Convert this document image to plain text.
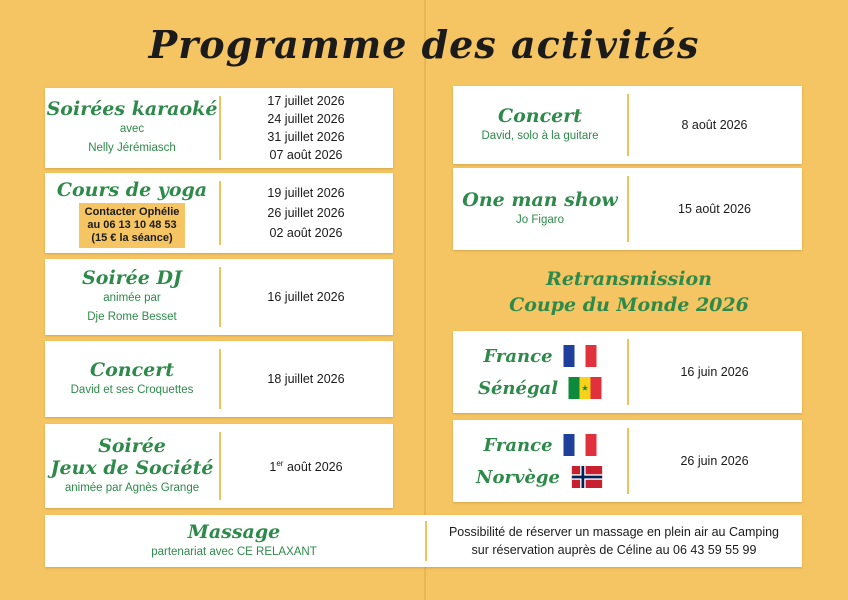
Programme des activités
Soirées karaoké
avec
Nelly Jérémiasch
17 juillet 2026
24 juillet 2026
31 juillet 2026
07 août 2026
Cours de yoga
Contacter Ophélie
au 06 13 10 48 53
(15 € la séance)
19 juillet 2026
26 juillet 2026
02 août 2026
Soirée DJ
animée par
Dje Rome Besset
16 juillet 2026
Concert
David et ses Croquettes
18 juillet 2026
Soirée
Jeux de Société
animée par Agnès Grange
1er août 2026
Concert
David, solo à la guitare
8 août 2026
One man show
Jo Figaro
15 août 2026
Retransmission
Coupe du Monde 2026
France
Sénégal
16 juin 2026
France
Norvège
26 juin 2026
Massage
partenariat avec CE RELAXANT
Possibilité de réserver un massage en plein air au Camping
sur réservation auprès de Céline au 06 43 59 55 99
